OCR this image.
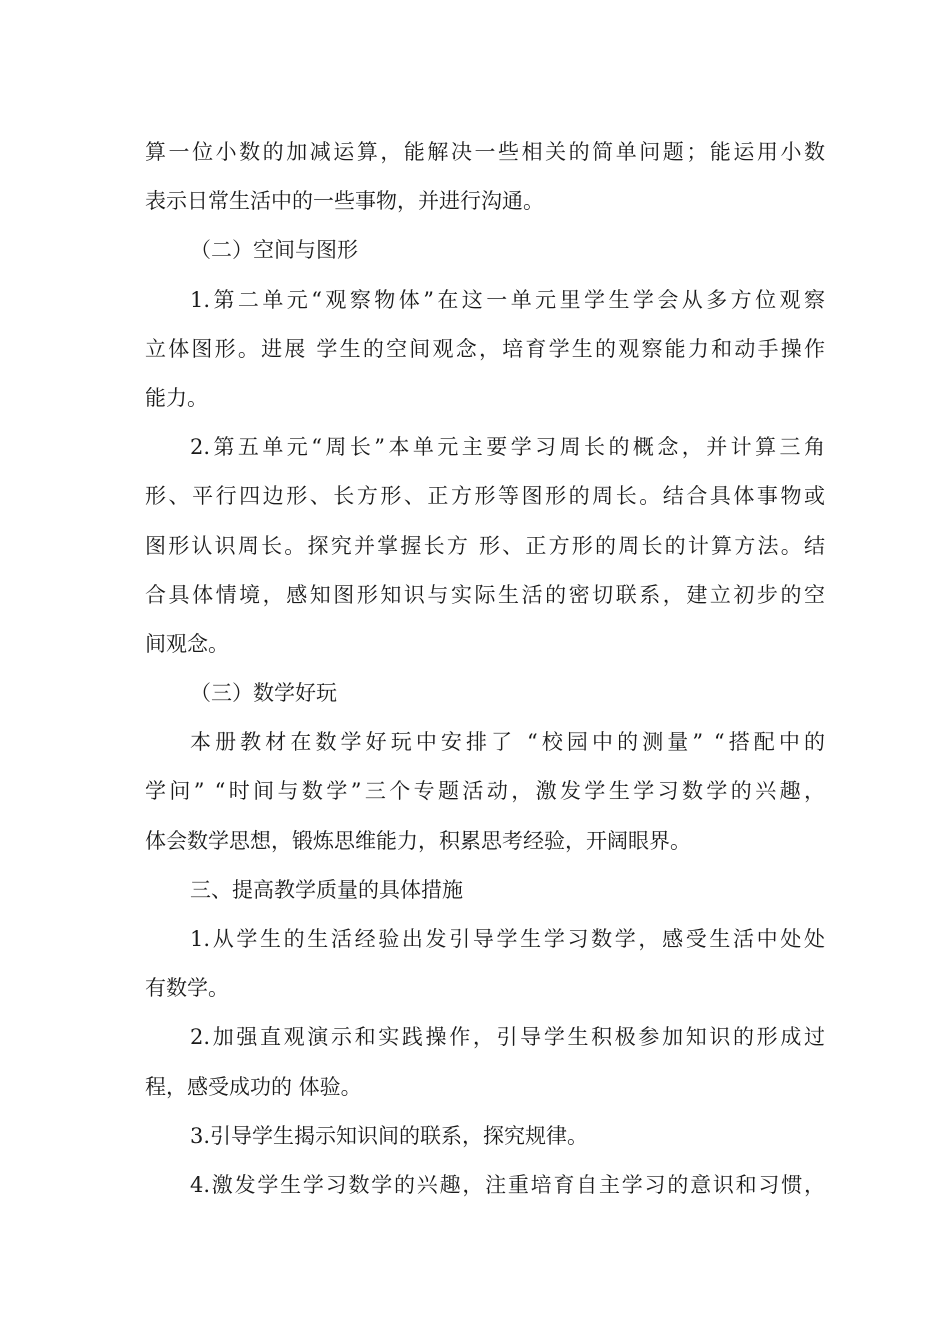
算一位小数的加减运算，能解决一些相关的简单问题；能运用小数
表示日常生活中的一些事物，并进行沟通。
（二）空间与图形
1.第二单元“观察物体”在这一单元里学生学会从多方位观察
立体图形。进展 学生的空间观念，培育学生的观察能力和动手操作
能力。
2.第五单元“周长”本单元主要学习周长的概念，并计算三角
形、平行四边形、长方形、正方形等图形的周长。结合具体事物或
图形认识周长。探究并掌握长方 形、正方形的周长的计算方法。结
合具体情境，感知图形知识与实际生活的密切联系，建立初步的空
间观念。
（三）数学好玩
本册教材在数学好玩中安排了 “校园中的测量” “搭配中的
学问” “时间与数学”三个专题活动，激发学生学习数学的兴趣，
体会数学思想，锻炼思维能力，积累思考经验，开阔眼界。
三、提高教学质量的具体措施
1.从学生的生活经验出发引导学生学习数学，感受生活中处处
有数学。
2.加强直观演示和实践操作，引导学生积极参加知识的形成过
程，感受成功的 体验。
3.引导学生揭示知识间的联系，探究规律。
4.激发学生学习数学的兴趣，注重培育自主学习的意识和习惯，
